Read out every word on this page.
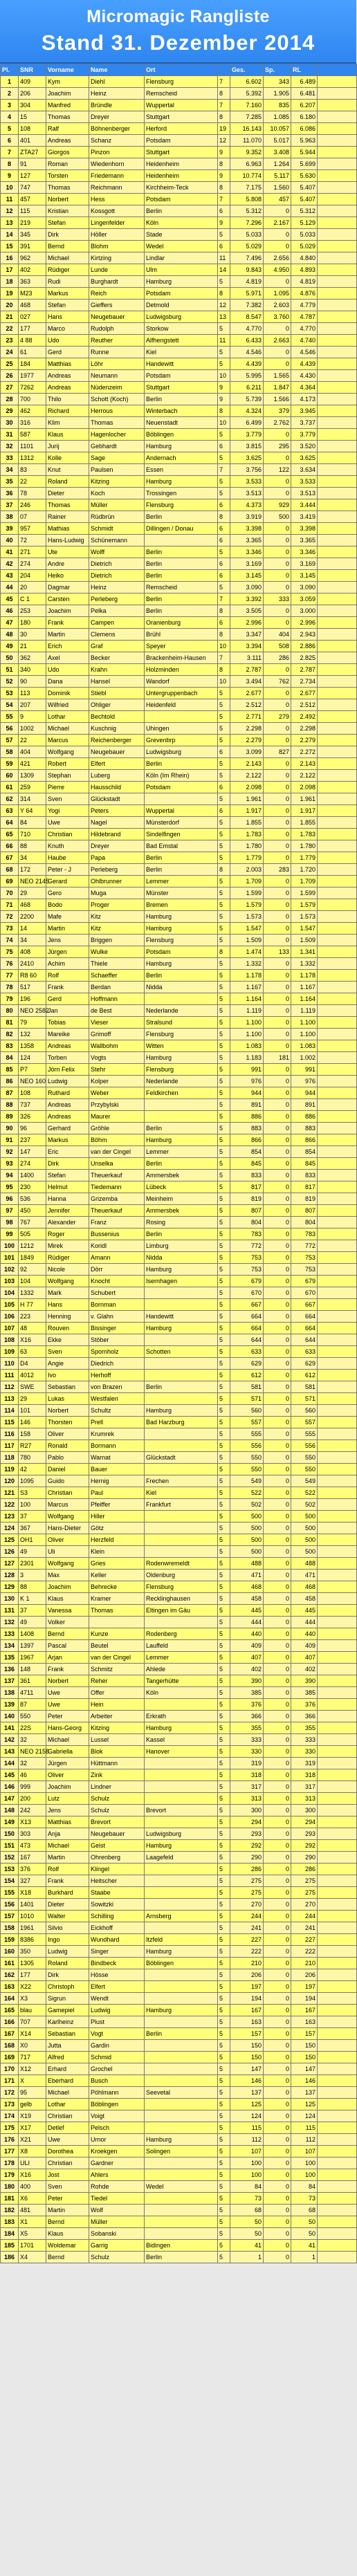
Micromagic Rangliste
Stand 31. Dezember 2014
Pl.	SNR	Vorname	Name	Ort		Ges.	Sp.	RL	
1	409	Kym	Diehl	Flensburg	7	6.602	343	6.489	
2	206	Joachim	Heinz	Remscheid	8	5.392	1.905	6.481	
3	304	Manfred	Bründle	Wuppertal	7	7.160	835	6.207	
4	15	Thomas	Dreyer	Stuttgart	8	7.285	1.085	6.180	
5	108	Ralf	Böhnenberger	Herford	19	16.143	10.057	6.086	
6	401	Andreas	Schanz	Potsdam	12	11.070	5.017	5.963	
7	ZTA27	Giorgos	Pinzon	Stuttgart	9	9.352	3.408	5.944	
8	91	Roman	Wiedenhorn	Heidenheim	8	6.963	1.264	5.699	
9	127	Torsten	Friedemann	Heidenheim	9	10.774	5.117	5.630	
10	747	Thomas	Reichmann	Kirchheim-Teck	8	7.175	1.560	5.407	
11	457	Norbert	Hess	Potsdam	7	5.808	457	5.407	
12	115	Kristian	Kossgott	Berlin	6	5.312	0	5.312	
13	219	Stefan	Lingenfelder	Köln	9	7.296	2.167	5.129	
14	345	Dirk	Höller	Stade	5	5.033	0	5.033	
15	391	Bernd	Blohm	Wedel	6	5.029	0	5.029	
16	962	Michael	Kirtzing	Lindlar	11	7.496	2.656	4.840	
17	402	Rüdiger	Lunde	Ulm	14	9.843	4.950	4.893	
18	363	Rudi	Burghardt	Hamburg	5	4.819	0	4.819	
19	M23	Markus	Reich	Potsdam	8	5.971	1.095	4.876	
20	468	Stefan	Gieffers	Detmold	12	7.382	2.603	4.779	
21	027	Hans	Neugebauer	Ludwigsburg	13	8.547	3.760	4.787	
22	177	Marco	Rudolph	Storkow	5	4.770	0	4.770	
23	4 88	Udo	Reuther	Alfhengstett	11	6.433	2.663	4.740	
24	61	Gerd	Runne	Kiel	5	4.546	0	4.546	
25	184	Matthias	Löhr	Handewitt	5	4.439	0	4.439	
26	1977	Andreas	Neumann	Potsdam	10	5.995	1.565	4.430	
27	7262	Andreas	Nüdenzeim	Stuttgart	9	6.211	1.847	4.364	
28	700	Thilo	Schott (Koch)	Berlin	9	5.739	1.566	4.173	
29	462	Richard	Herrous	Winterbach	8	4.324	379	3.945	
30	316	Klim	Thomas	Neuenstadt	10	6.499	2.762	3.737	
31	587	Klaus	Hagenlocher	Böblingen	5	3.779	0	3.779	
32	1101	Jurij	Gebhardt	Hamburg	6	3.815	295	3.520	
33	1312	Kolle	Sage	Andernach	5	3.625	0	3.625	
34	83	Knut	Paulsen	Essen	7	3.756	122	3.634	
35	22	Roland	Kitzing	Hamburg	5	3.533	0	3.533	
36	78	Dieter	Koch	Trossingen	5	3.513	0	3.513	
37	246	Thomas	Müller	Flensburg	6	4.373	929	3.444	
38	07	Rainer	Rüdbrün	Berlin	8	3.919	500	3.419	
39	957	Mathias	Schmidt	Dillingen / Donau	6	3.398	0	3.398	
40	72	Hans-Ludwig	Schünemann		6	3.365	0	3.365	
41	271	Ute	Wolff	Berlin	5	3.346	0	3.346	
42	274	Andre	Dietrich	Berlin	6	3.169	0	3.169	
43	204	Heiko	Dietrich	Berlin	6	3.145	0	3.145	
44	20	Dagmar	Heinz	Remscheid	5	3.090	0	3.090	
45	C 1	Carsten	Perleberg	Berlin	7	3.392	333	3.059	
46	253	Joachim	Pelka	Berlin	8	3.505	0	3.000	
47	180	Frank	Campen	Oranienburg	6	2.996	0	2.996	
48	30	Martin	Clemens	Brühl	8	3.347	404	2.943	
49	21	Erich	Graf	Speyer	10	3.394	508	2.886	
50	362	Axel	Becker	Brackenheim-Hausen	7	3.111	286	2.825	
51	340	Udo	Krahn	Holzminden	8	2.787	0	2.787	
52	90	Dana	Hansel	Wandorf	10	3.494	762	2.734	
53	113	Dominik	Stiebl	Untergruppenbach	5	2.677	0	2.677	
54	207	Wilfried	Ohliger	Heidenfeld	5	2.512	0	2.512	
55	9	Lothar	Bechtold		5	2.771	279	2.492	
56	1002	Michael	Kuschnig	Uhingen	5	2.298	0	2.298	
57	22	Marcus	Reichenberger	Grevenbrp	5	2.279	0	2.279	
58	404	Wolfgang	Neugebauer	Ludwigsburg	6	3.099	827	2.272	
59	421	Robert	Elfert	Berlin	5	2.143	0	2.143	
60	1309	Stephan	Luberg	Köln (Im Rhein)	5	2.122	0	2.122	
61	259	Pierre	Hausschild	Potsdam	6	2.098	0	2.098	
62	314	Sven	Glückstadt		5	1.961	0	1.961	
63	Y 64	Yogi	Peters	Wuppertal	6	1.917	0	1.917	
64	84	Uwe	Nagel	Münsterdorf	5	1.855	0	1.855	
65	710	Christian	Hildebrand	Sindelfingen	5	1.783	0	1.783	
66	88	Knuth	Dreyer	Bad Emstal	5	1.780	0	1.780	
67	34	Haube	Papa	Berlin	5	1.779	0	1.779	
68	172	Peter - J	Perleberg	Berlin	8	2.003	283	1.720	
69	NEO 2145	Gerard	Ohlbrunner	Lemmer	5	1.709	0	1.709	
70	29	Gero	Muga	Münster	5	1.599	0	1.599	
71	468	Bodo	Proger	Bremen	5	1.579	0	1.579	
72	2200	Mafe	Kitz	Hamburg	5	1.573	0	1.573	
73	14	Martin	Kitz	Hamburg	5	1.547	0	1.547	
74	34	Jens	Briggen	Flensburg	5	1.509	0	1.509	
75	408	Jürgen	Wulke	Potsdam	8	1.474	133	1.341	
76	2410	Achim	Thiele	Hamburg	5	1.332	0	1.332	
77	R8 60	Rolf	Schaeffer	Berlin	5	1.178	0	1.178	
78	517	Frank	Berdan	Nidda	5	1.167	0	1.167	
79	196	Gerd	Hoffmann		5	1.164	0	1.164	
80	NEO 2582	Jan	de Best	Nederlande	5	1.119	0	1.119	
81	79	Tobias	Vieser	Stralsund	5	1.100	0	1.100	
82	132	Mareike	Grimoff	Flensburg	5	1.100	0	1.100	
83	1358	Andreas	Wallbohm	Witten	5	1.083	0	1.083	
84	124	Torben	Vogts	Hamburg	5	1.183	181	1.002	
85	P7	Jörn Felix	Stehr	Flensburg	5	991	0	991	
86	NEO 160	Ludwig	Kolper	Nederlande	5	976	0	976	
87	108	Ruthard	Weber	Feldkirchen	5	944	0	944	
88	737	Andreas	Przybylski		5	891	0	891	
89	326	Andreas	Maurer		5	886	0	886	
90	96	Gerhard	Gröhle	Berlin	5	883	0	883	
91	237	Markus	Böhm	Hamburg	5	866	0	866	
92	147	Eric	van der Cingel	Lemmer	5	854	0	854	
93	274	Dirk	Unselka	Berlin	5	845	0	845	
94	1400	Stefan	Theuerkauf	Ammersbek	5	833	0	833	
95	230	Helmut	Tiedemann	Lübeck	5	817	0	817	
96	536	Hanna	Grizemba	Meinheim	5	819	0	819	
97	450	Jennifer	Theuerkauf	Ammersbek	5	807	0	807	
98	767	Alexander	Franz	Rosing	5	804	0	804	
99	505	Roger	Bussenius	Berlin	5	783	0	783	
100	1212	Mirek	Koridl	Limburg	5	772	0	772	
101	1849	Rüdiger	Amann	Nidda	5	753	0	753	
102	92	Nicole	Dörr	Hamburg	5	753	0	753	
103	104	Wolfgang	Knocht	Isernhagen	5	679	0	679	
104	1332	Mark	Schubert		5	670	0	670	
105	H 77	Hans	Bornman		5	667	0	667	
106	223	Henning	v. Glahn	Handewitt	5	664	0	664	
107	48	Rouven	Bissinger	Hamburg	5	664	0	664	
108	X16	Ekke	Stöber		5	644	0	644	
109	63	Sven	Spornholz	Schotten	5	633	0	633	
110	D4	Angie	Diedrich		5	629	0	629	
111	4012	Ivo	Herhoff		5	612	0	612	
112	SWE	Sebastian	von Brazen	Berlin	5	581	0	581	
113	29	Lukas	Westfalen		5	571	0	571	
114	101	Norbert	Schultz	Hamburg	5	560	0	560	
115	146	Thorsten	Prell	Bad Harzburg	5	557	0	557	
116	158	Oliver	Krumrek		5	555	0	555	
117	R27	Ronald	Bormann		5	556	0	556	
118	780	Pablo	Warnat	Glückstadt	5	550	0	550	
119	42	Daniel	Bauer		5	550	0	550	
120	1095	Guido	Hernig	Frechen	5	549	0	549	
121	S3	Christian	Paul	Kiel	5	522	0	522	
122	100	Marcus	Pfeiffer	Frankfurt	5	502	0	502	
123	37	Wolfgang	Hiller		5	500	0	500	
124	367	Hans-Dieter	Götz		5	500	0	500	
125	OH1	Oliver	Herzfeld		5	500	0	500	
126	49	Uli	Klein		5	500	0	500	
127	2301	Wolfgang	Gries	Rodenwremeldt	5	488	0	488	
128	3	Max	Keller	Oldenburg	5	471	0	471	
129	88	Joachim	Behrecke	Flensburg	5	468	0	468	
130	K 1	Klaus	Kramer	Recklinghausen	5	458	0	458	
131	37	Vanessa	Thomas	Eltingen im Gäu	5	445	0	445	
132	49	Volker			5	444	0	444	
133	1408	Bernd	Kunze	Rodenberg	5	440	0	440	
134	1397	Pascal	Beutel	Lauffeld	5	409	0	409	
135	1967	Arjan	van der Cingel	Lemmer	5	407	0	407	
136	148	Frank	Schmitz	Ahlede	5	402	0	402	
137	361	Norbert	Reher	Tangerhütte	5	390	0	390	
138	4711	Uwe	Offer	Köln	5	385	0	385	
139	87	Uwe	Hein		5	376	0	376	
140	550	Peter	Arbeiter	Erkrath	5	366	0	366	
141	22S	Hans-Georg	Kitzing	Hamburg	5	355	0	355	
142	32	Michael	Lussel	Kassel	5	333	0	333	
143	NEO 2158	Gabriella	Blok	Hanover	5	330	0	330	
144	32	Jürgen	Hüttmann		5	319	0	319	
145	46	Oliver	Zink		5	318	0	318	
146	999	Joachim	Lindner		5	317	0	317	
147	200	Lutz	Schulz		5	313	0	313	
148	242	Jens	Schulz	Brevort	5	300	0	300	
149	X13	Matthias	Brevort		5	294	0	294	
150	303	Anja	Neugebauer	Ludwigsburg	5	293	0	293	
151	473	Michael	Geist	Hamburg	5	292	0	292	
152	167	Martin	Ohrenberg	Laagefeld	5	290	0	290	
153	376	Rolf	Klingel		5	286	0	286	
154	327	Frank	Heitscher		5	275	0	275	
155	X18	Burkhard	Staabe		5	275	0	275	
156	1401	Dieter	Sowitzki		5	270	0	270	
157	1010	Walter	Schilling	Arnsberg	5	244	0	244	
158	1961	Silvio	Eickhoff		5	241	0	241	
159	8386	Ingo	Wundhard	Itzfeld	5	227	0	227	
160	350	Ludwig	Singer	Hamburg	5	222	0	222	
161	1305	Roland	Bindbeck	Böblingen	5	210	0	210	
162	177	Dirk	Hösse		5	206	0	206	
163	X22	Christoph	Elfert		5	197	0	197	
164	X3	Sigrun	Wendt		5	194	0	194	
165	blau	Gamepiel	Ludwig	Hamburg	5	167	0	167	
166	707	Karlheinz	Plust		5	163	0	163	
167	X14	Sebastian	Vogt	Berlin	5	157	0	157	
168	X0	Jutta	Gardin		5	150	0	150	
169	717	Alfred	Schmid		5	150	0	150	
170	X12	Erhard	Grochel		5	147	0	147	
171	X	Eberhard	Busch		5	146	0	146	
172	95	Michael	Pöhlmann	Seevetal	5	137	0	137	
173	gelb	Lothar	Böblingen		5	125	0	125	
174	X19	Christian	Voigt		5	124	0	124	
175	X17	Detlef	Pelsch		5	115	0	115	
176	X21	Uwe	Urnor	Hamburg	5	112	0	112	
177	X8	Dorothea	Kroekgen	Solingen	5	107	0	107	
178	ULI	Christian	Gardner		5	100	0	100	
179	X16	Jost	Ahlers		5	100	0	100	
180	400	Sven	Rohde	Wedel	5	84	0	84	
181	X6	Peter	Tiedel		5	73	0	73	
182	481	Martin	Wolf		5	68	0	68	
183	X1	Bernd	Müller		5	50	0	50	
184	X5	Klaus	Sobanski		5	50	0	50	
185	1701	Woldemar	Garrig	Bidingen	5	41	0	41	
186	X4	Bernd	Schulz	Berlin	5	1	0	1	
